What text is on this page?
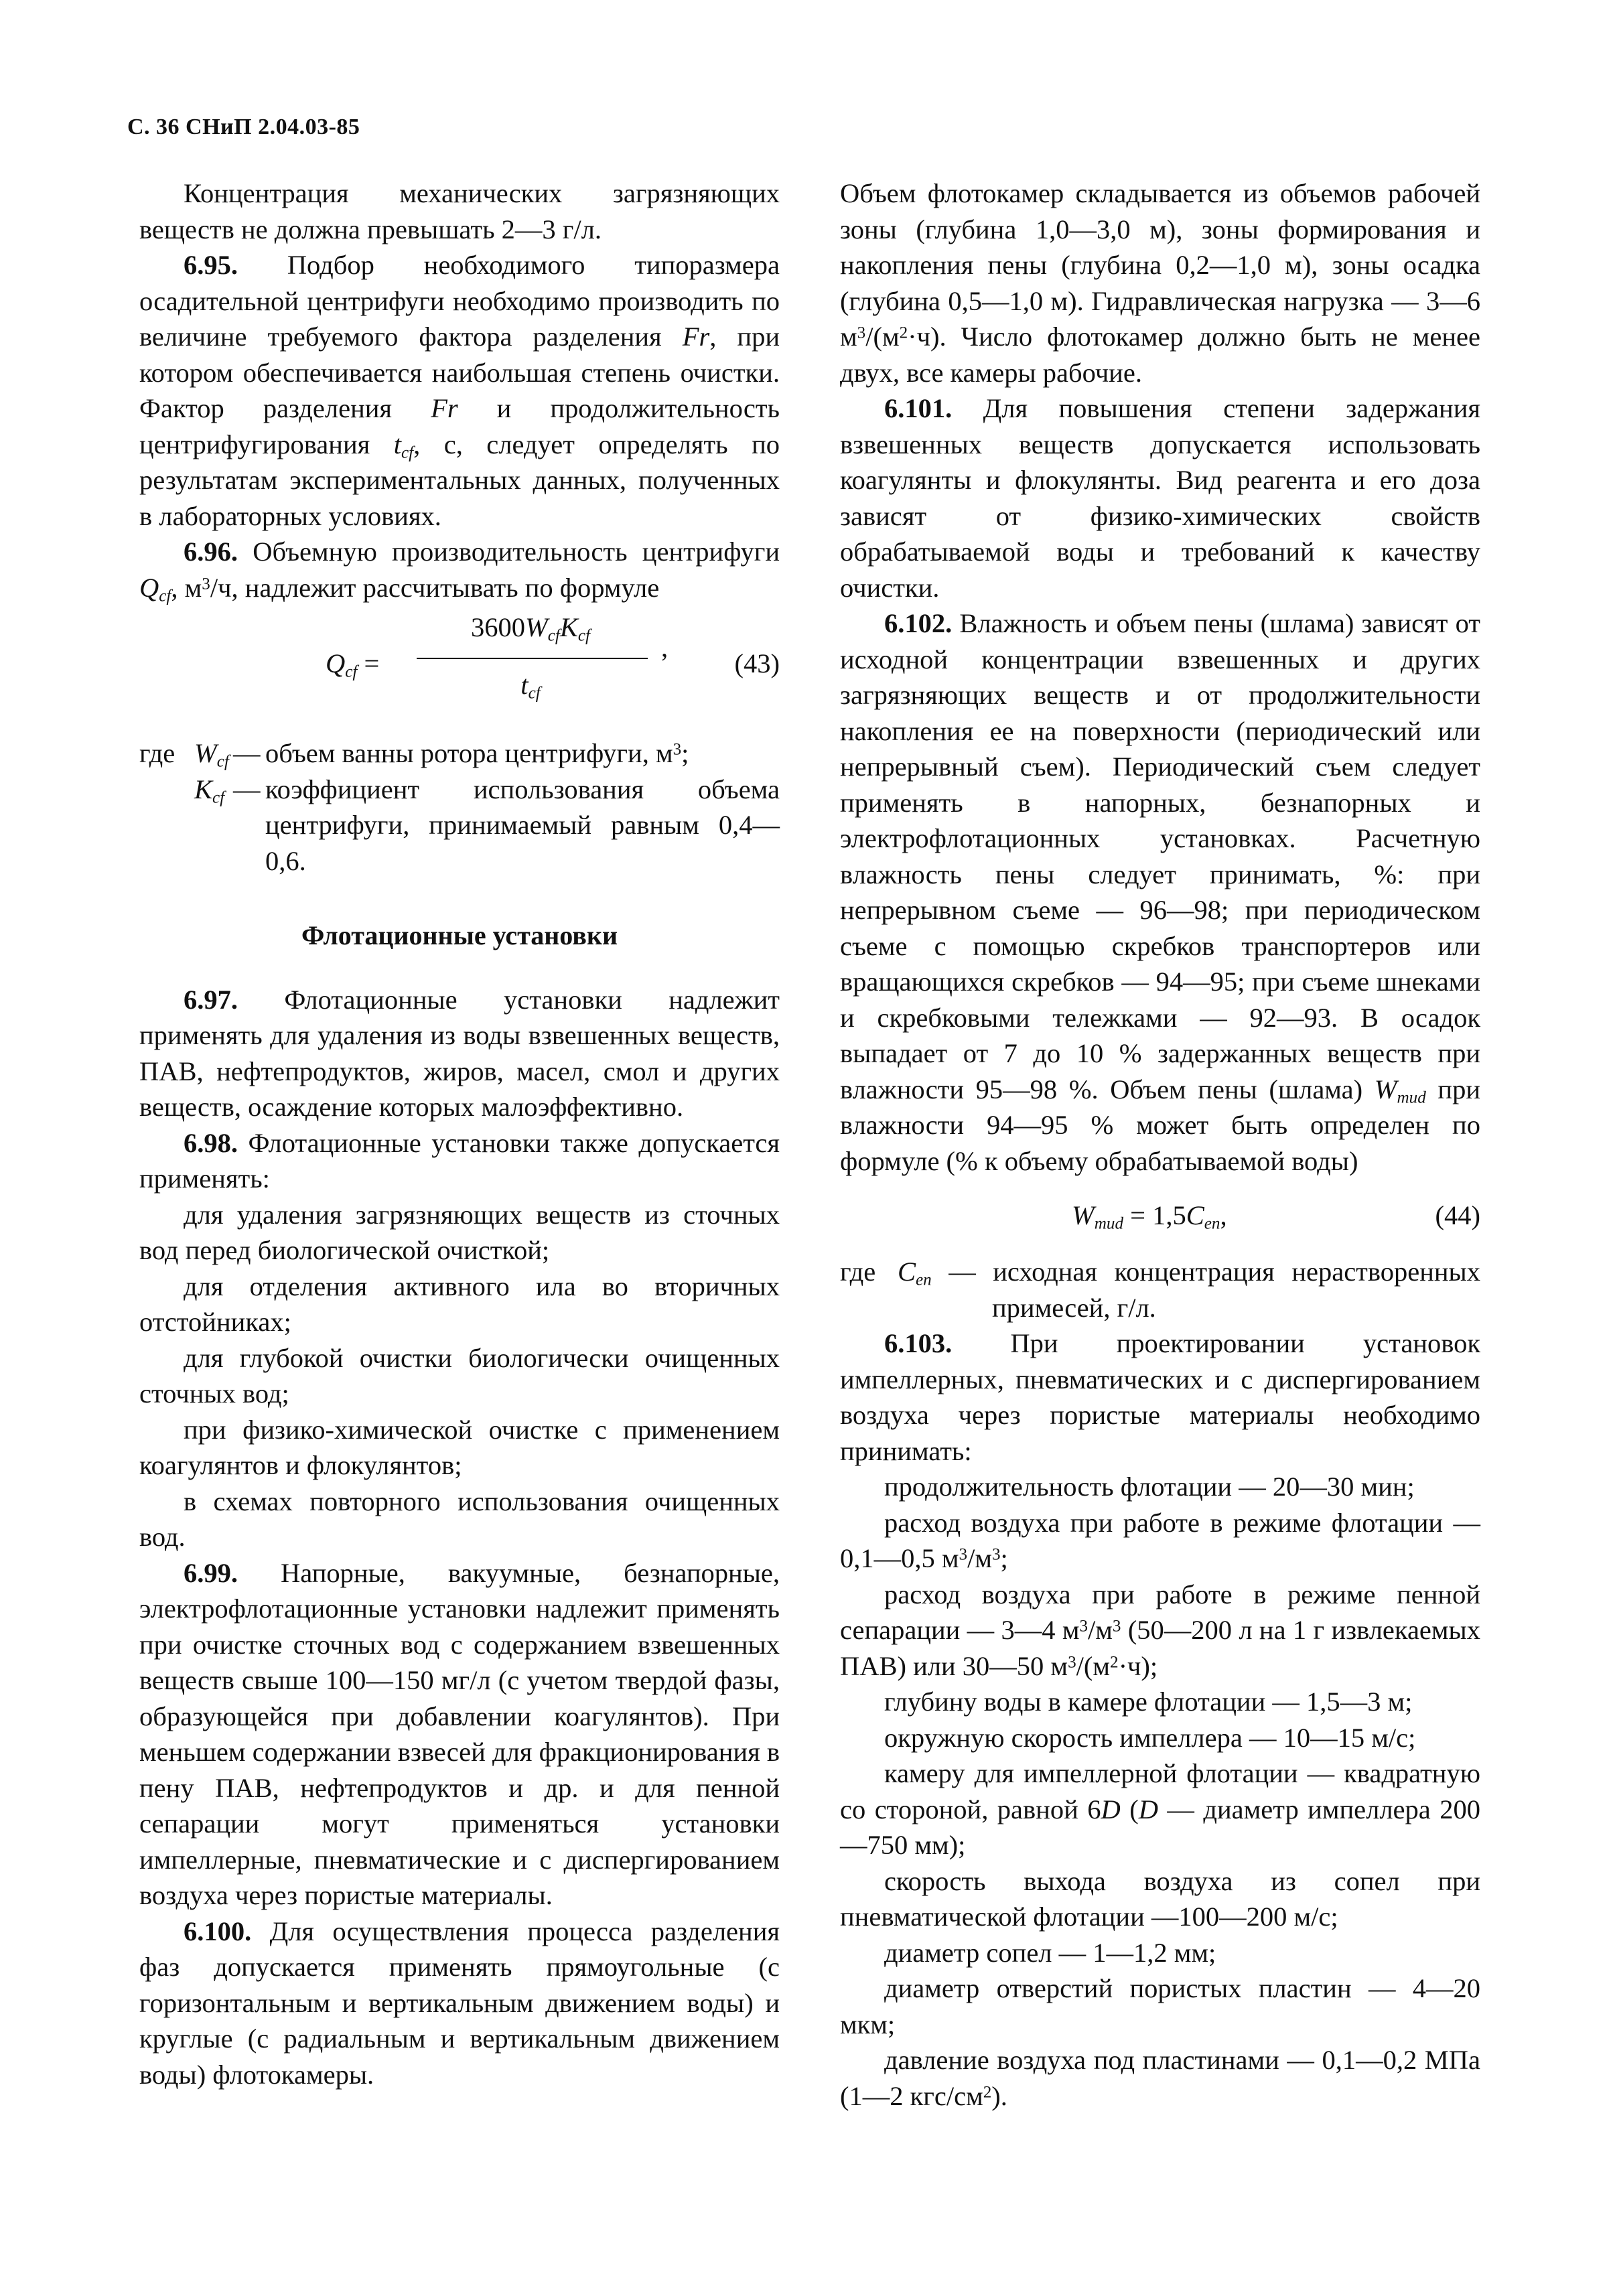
С. 36 СНиП 2.04.03-85

Концентрация механических загрязняющих веществ не должна превышать 2—3 г/л.

6.95. Подбор необходимого типоразмера осадительной центрифуги необходимо производить по величине требуемого фактора разделения Fr, при котором обеспечивается наибольшая степень очистки. Фактор разделения Fr и продолжительность центрифугирования $t_{cf}$, с, следует определять по результатам экспериментальных данных, полученных в лабораторных условиях.

6.96. Объемную производительность центрифуги $Q_{cf}$, $м^3/ч$, надлежит рассчитывать по формуле

$Q_{cf}$ =
$3600W_{cf}K_{cf}$
$t_{cf}$
,
(43)
где $W_{cf}$ — объем ванны ротора центрифуги, $м^3$;

$K_{cf}$ — коэффициент использования объема центрифуги, принимаемый равным 0,4—0,6.

Флотационные установки

6.97. Флотационные установки надлежит применять для удаления из воды взвешенных веществ, ПАВ, нефтепродуктов, жиров, масел, смол и других веществ, осаждение которых малоэффективно.

6.98. Флотационные установки также допускается применять:

для удаления загрязняющих веществ из сточных вод перед биологической очисткой;

для отделения активного ила во вторичных отстойниках;

для глубокой очистки биологически очищенных сточных вод;

при физико-химической очистке с применением коагулянтов и флокулянтов;

в схемах повторного использования очищенных вод.

6.99. Напорные, вакуумные, безнапорные, электрофлотационные установки надлежит применять при очистке сточных вод с содержанием взвешенных веществ свыше 100—150 мг/л (с учетом твердой фазы, образующейся при добавлении коагулянтов). При меньшем содержании взвесей для фракционирования в пену ПАВ, нефтепродуктов и др. и для пенной сепарации могут применяться установки импеллерные, пневматические и с диспергированием воздуха через пористые материалы.

6.100. Для осуществления процесса разделения фаз допускается применять прямоугольные (с горизонтальным и вертикальным движением воды) и круглые (с радиальным и вертикальным движением воды) флотокамеры.

Объем флотокамер складывается из объемов рабочей зоны (глубина 1,0—3,0 м), зоны формирования и накопления пены (глубина 0,2—1,0 м), зоны осадка (глубина 0,5—1,0 м). Гидравлическая нагрузка — 3—6 $м^3/(м^2\cdot ч)$. Число флотокамер должно быть не менее двух, все камеры рабочие.

6.101. Для повышения степени задержания взвешенных веществ допускается использовать коагулянты и флокулянты. Вид реагента и его доза зависят от физико-химических свойств обрабатываемой воды и требований к качеству очистки.

6.102. Влажность и объем пены (шлама) зависят от исходной концентрации взвешенных и других загрязняющих веществ и от продолжительности накопления ее на поверхности (периодический или непрерывный съем). Периодический съем следует применять в напорных, безнапорных и электрофлотационных установках. Расчетную влажность пены следует принимать, %: при непрерывном съеме — 96—98; при периодическом съеме с помощью скребков транспортеров или вращающихся скребков — 94—95; при съеме шнеками и скребковыми тележками — 92—93. В осадок выпадает от 7 до 10 % задержанных веществ при влажности 95—98 %. Объем пены (шлама) $W_{mud}$ при влажности 94—95 % может быть определен по формуле (% к объему обрабатываемой воды)

$W_{mud} = 1,5C_{en}$,	(44)
где $C_{en}$ — исходная концентрация нерастворенных примесей, г/л.

6.103. При проектировании установок импеллерных, пневматических и с диспергированием воздуха через пористые материалы необходимо принимать:

продолжительность флотации — 20—30 мин;

расход воздуха при работе в режиме флотации — 0,1—0,5 $м^3/м^3$;

расход воздуха при работе в режиме пенной сепарации — 3—4 $м^3/м^3$ (50—200 л на 1 г извлекаемых ПАВ) или 30—50 $м^3/(м^2\cdot ч)$;

глубину воды в камере флотации — 1,5—3 м;

окружную скорость импеллера — 10—15 м/с;

камеру для импеллерной флотации — квадратную со стороной, равной 6D (D — диаметр импеллера 200—750 мм);

скорость выхода воздуха из сопел при пневматической флотации —100—200 м/с;

диаметр сопел — 1—1,2 мм;

диаметр отверстий пористых пластин — 4—20 мкм;

давление воздуха под пластинами — 0,1—0,2 МПа (1—2 кгс/$см^2$).
